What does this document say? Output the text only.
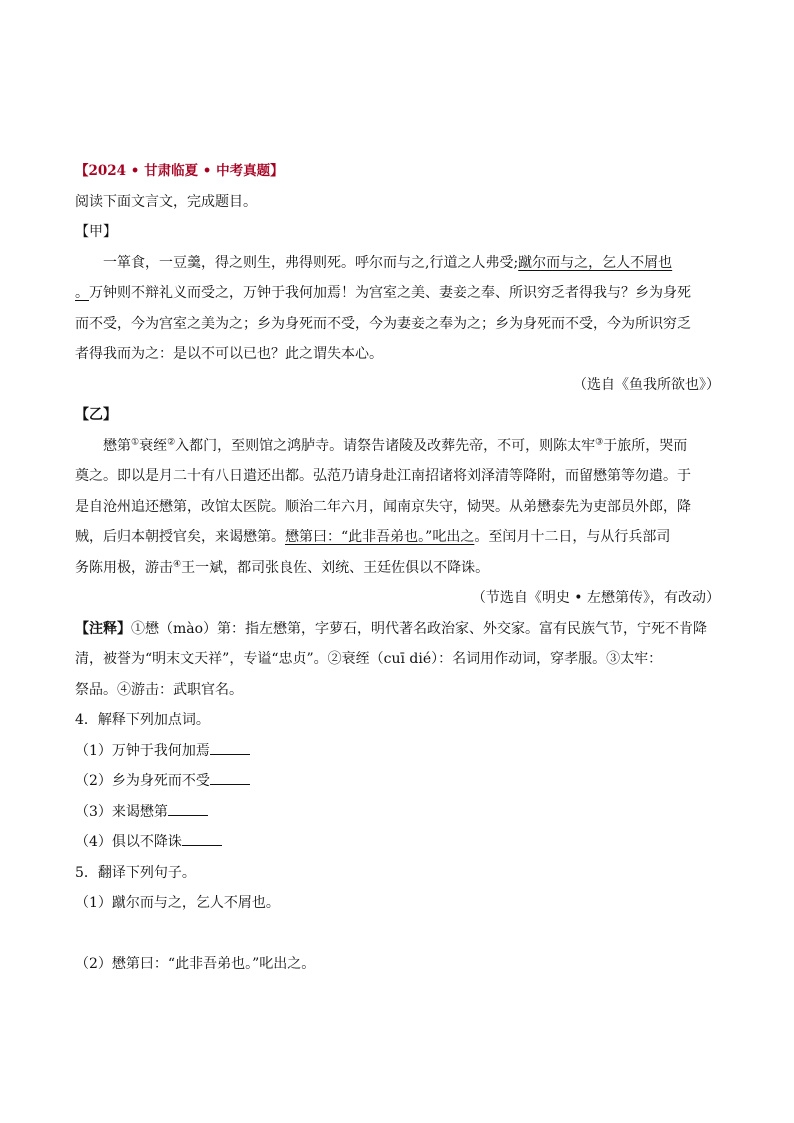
【2024 • 甘肃临夏 • 中考真题】
阅读下面文言文，完成题目。
【甲】
一箪食，一豆羹，得之则生，弗得则死。呼尔而与之,行道之人弗受;蹴尔而与之，乞人不屑也
。万钟则不辩礼义而受之，万钟于我何加焉！为宫室之美、妻妾之奉、所识穷乏者得我与？乡为身死
而不受，今为宫室之美为之；乡为身死而不受，今为妻妾之奉为之；乡为身死而不受，今为所识穷乏
者得我而为之：是以不可以已也？此之谓失本心。
（选自《鱼我所欲也》）
【乙】
懋第①衰绖②入都门，至则馆之鸿胪寺。请祭告诸陵及改葬先帝，不可，则陈太牢③于旅所，哭而
奠之。即以是月二十有八日遣还出都。弘范乃请身赴江南招诸将刘泽清等降附，而留懋第等勿遣。于
是自沧州追还懋第，改馆太医院。顺治二年六月，闻南京失守，恸哭。从弟懋泰先为吏部员外郎，降
贼，后归本朝授官矣，来谒懋第。懋第曰：“此非吾弟也。”叱出之。至闰月十二日，与从行兵部司
务陈用极，游击④王一斌，都司张良佐、刘统、王廷佐俱以不降诛。
（节选自《明史 • 左懋第传》，有改动）
【注释】①懋（mào）第：指左懋第，字萝石，明代著名政治家、外交家。富有民族气节，宁死不肯降
清，被誉为“明末文天祥”，专谥“忠贞”。②衰绖（cuī dié）：名词用作动词，穿孝服。③太牢：
祭品。④游击：武职官名。
4．解释下列加点词。
（1）万钟于我何加焉
（2）乡为身死而不受
（3）来谒懋第
（4）俱以不降诛
5．翻译下列句子。
（1）蹴尔而与之，乞人不屑也。
（2）懋第曰：“此非吾弟也。”叱出之。
